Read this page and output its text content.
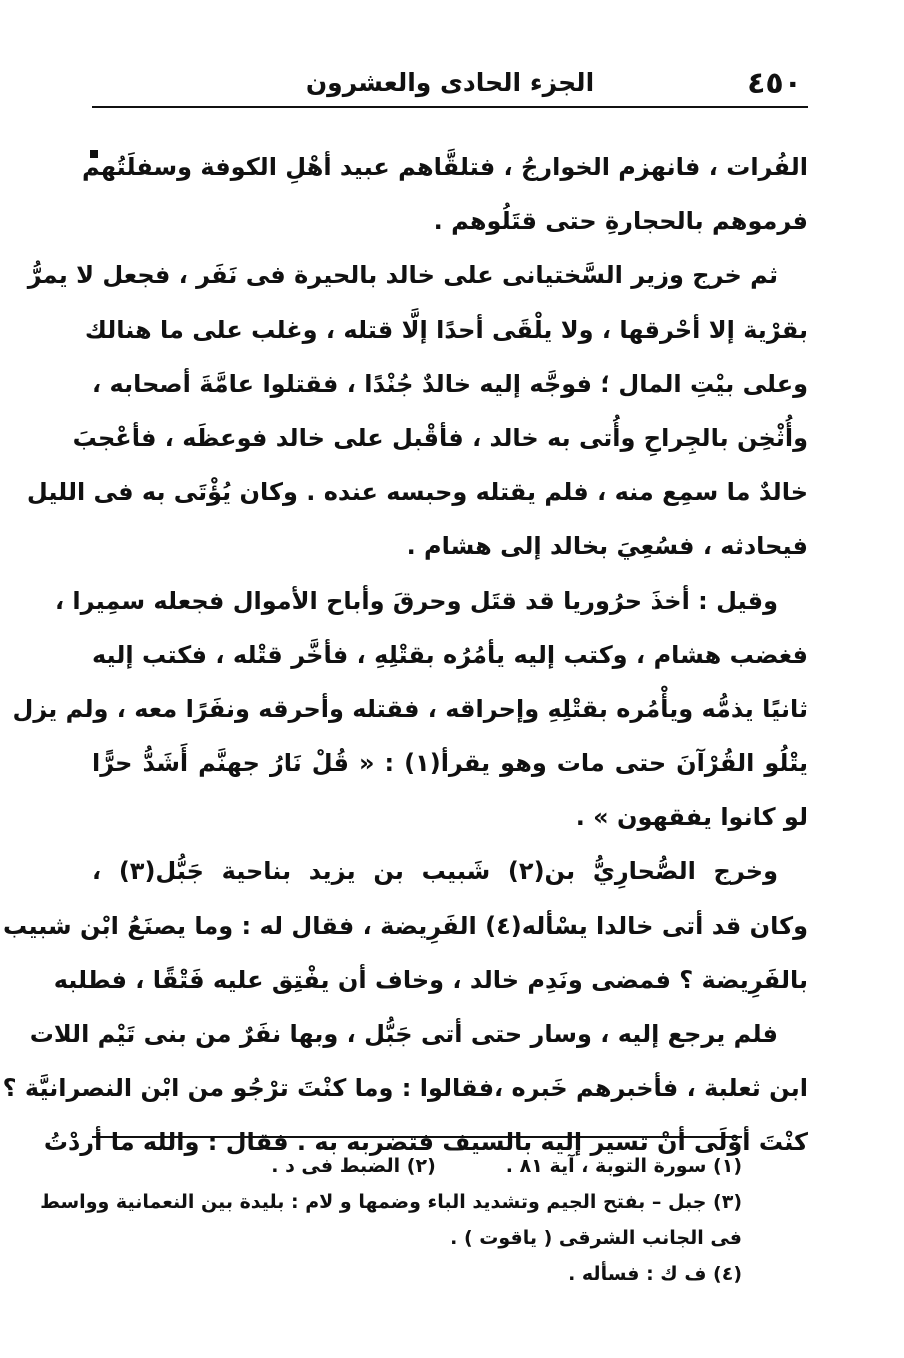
٤٥٠
الجزء الحادى والعشرون
الفُرات ، فانهزم الخوارجُ ، فتلقَّاهم عبيد أهْلِ الكوفة وسفلَتُهم
فرموهم بالحجارةِ حتى قتَلُوهم .
ثم خرج وزير السَّختيانى على خالد بالحيرة فى نَفَر ، فجعل لا يمرُّ
بقرْية إلا أحْرقها ، ولا يلْقَى أحدًا إلَّا قتله ، وغلب على ما هنالك
وعلى بيْتِ المال ؛ فوجَّه إليه خالدٌ جُنْدًا ، فقتلوا عامَّةَ أصحابه ،
وأُثْخِن بالجِراحِ وأُتى به خالد ، فأقْبل على خالد فوعظَه ، فأعْجبَ
خالدٌ ما سمِع منه ، فلم يقتله وحبسه عنده . وكان يُؤْتَى به فى الليل
فيحادثه ، فسُعِيَ بخالد إلى هشام .
وقيل : أخذَ حرُوريا قد قتَل وحرقَ وأباح الأموال فجعله سمِيرا ،
فغضب هشام ، وكتب إليه يأمُرُه بقتْلِهِ ، فأخَّر قتْله ، فكتب إليه
ثانيًا يذمُّه ويأْمُره بقتْلِهِ وإحراقه ، فقتله وأحرقه ونفَرًا معه ، ولم يزل
يتْلُو القُرْآنَ حتى مات وهو يقرأ(١) : « قُلْ نَارُ جهنَّم أَشَدُّ حرًّا
لو كانوا يفقهون » .
وخرج الصُّحارِيُّ بن(٢) شَبيب بن يزيد بناحية جَبُّل(٣) ،
وكان قد أتى خالدا يسْأله(٤) الفَرِيضة ، فقال له : وما يصنَعُ ابْن شبيب
بالفَرِيضة ؟ فمضى ونَدِم خالد ، وخاف أن يفْتِق عليه فَتْقًا ، فطلبه
فلم يرجع إليه ، وسار حتى أتى جَبُّل ، وبها نفَرٌ من بنى تَيْم اللات
ابن ثعلبة ، فأخبرهم خَبره ،فقالوا : وما كنْتَ ترْجُو من ابْن النصرانيَّة ؟
كنْتَ أوْلَى أنْ تسير إليه بالسيف فتضربه به . فقال : والله ما أردْتُ
(١) سورة التوبة ، آية ٨١ .
(٢) الضبط فى د .
(٣) جبل – بفتح الجيم وتشديد الباء وضمها و لام : بليدة بين النعمانية وواسط
فى الجانب الشرقى ( ياقوت ) .
(٤) ف ك : فسأله .
